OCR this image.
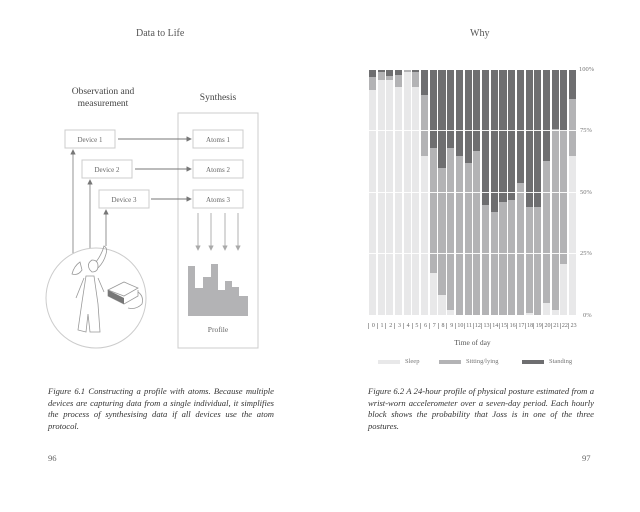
Data to Life
Observation and
measurement
Synthesis
Device 1
Device 2
Device 3
Atoms 1
Atoms 2
Atoms 3
Profile
Figure 6.1 Constructing a profile with atoms. Because multiple devices are capturing data from a single individual, it simplifies the process of synthesising data if all devices use the atom protocol.
96
Why
100%
75%
50%
25%
0%
0 1 2 3 4 5 6 7 8 9 10 11 12 13 14 15 16 17 18 19 20 21 22 23
Time of day
Sleep	Sitting/lying	Standing
Figure 6.2 A 24-hour profile of physical posture estimated from a wrist-worn accelerometer over a seven-day period. Each hourly block shows the probability that Joss is in one of the three postures.
97
